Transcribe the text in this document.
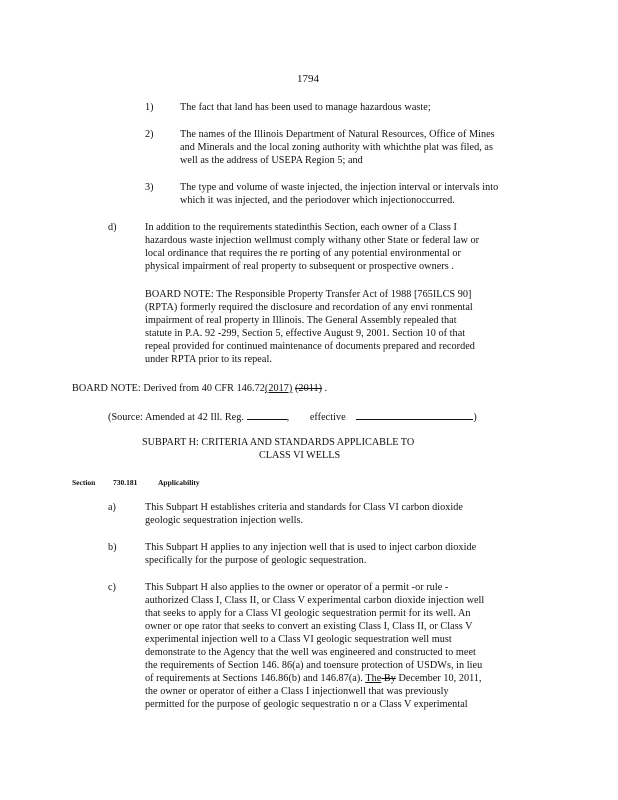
1794
1)	The fact that land has been used to manage hazardous waste;
2)	The names of the Illinois Department of Natural Resources, Office of Mines
and Minerals and the local zoning authority with whichthe plat was filed, as
well as the address of USEPA Region 5; and
3)	The type and volume of waste injected, the injection interval or intervals into
which it was injected, and the periodover which injectionoccurred.
d)	In addition to the requirements statedinthis Section, each owner of a Class I
hazardous waste injection wellmust comply withany other State or federal law or
local ordinance that requires the re porting of any potential environmental or
physical impairment of real property to subsequent or prospective owners .
BOARD NOTE: The Responsible Property Transfer Act of 1988 [765ILCS 90]
(RPTA) formerly required the disclosure and recordation of any envi ronmental
impairment of real property in Illinois. The General Assembly repealed that
statute in P.A. 92 -299, Section 5, effective August 9, 2001. Section 10 of that
repeal provided for continued maintenance of documents prepared and recorded
under RPTA prior to its repeal.
BOARD NOTE: Derived from 40 CFR 146.72(2017) (2011) .
(Source: Amended at 42 Ill. Reg.	, effective	)
SUBPART H: CRITERIA AND STANDARDS APPLICABLE TO
CLASS VI WELLS
Section 730.181	Applicability
a)	This Subpart H establishes criteria and standards for Class VI carbon dioxide
geologic sequestration injection wells.
b)	This Subpart H applies to any injection well that is used to inject carbon dioxide
specifically for the purpose of geologic sequestration.
c)	This Subpart H also applies to the owner or operator of a permit -or rule -
authorized Class I, Class II, or Class V experimental carbon dioxide injection well
that seeks to apply for a Class VI geologic sequestration permit for its well. An
owner or ope rator that seeks to convert an existing Class I, Class II, or Class V
experimental injection well to a Class VI geologic sequestration well must
demonstrate to the Agency that the well was engineered and constructed to meet
the requirements of Section 146. 86(a) and toensure protection of USDWs, in lieu
of requirements at Sections 146.86(b) and 146.87(a). The By December 10, 2011,
the owner or operator of either a Class I injectionwell that was previously
permitted for the purpose of geologic sequestratio n or a Class V experimental
